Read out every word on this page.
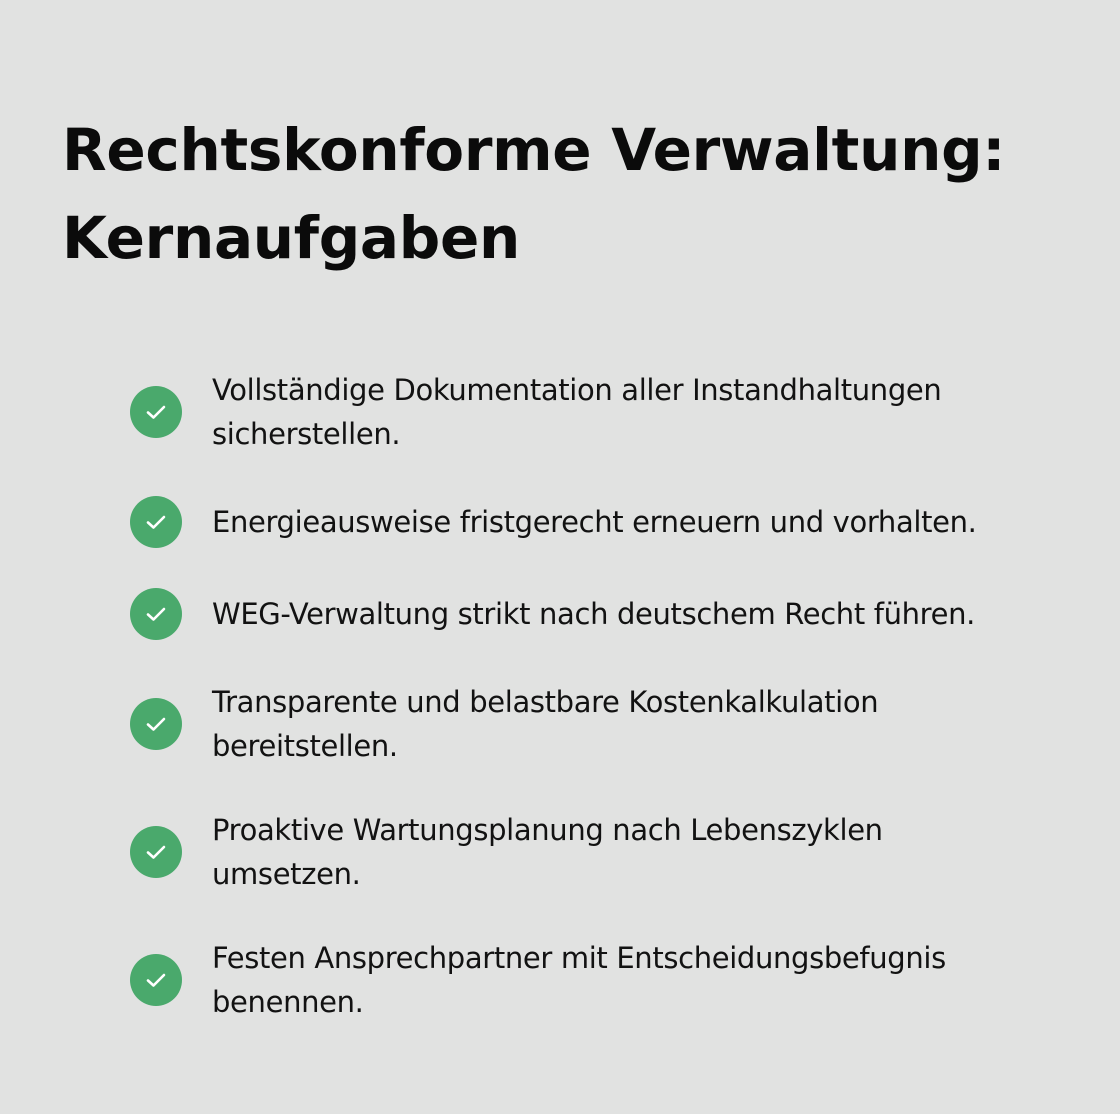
Rechtskonforme Verwaltung:
Kernaufgaben

Vollständige Dokumentation aller Instandhaltungen
sicherstellen.

Energieausweise fristgerecht erneuern und vorhalten.

WEG-Verwaltung strikt nach deutschem Recht führen.

Transparente und belastbare Kostenkalkulation
bereitstellen.

Proaktive Wartungsplanung nach Lebenszyklen
umsetzen.

Festen Ansprechpartner mit Entscheidungsbefugnis
benennen.
